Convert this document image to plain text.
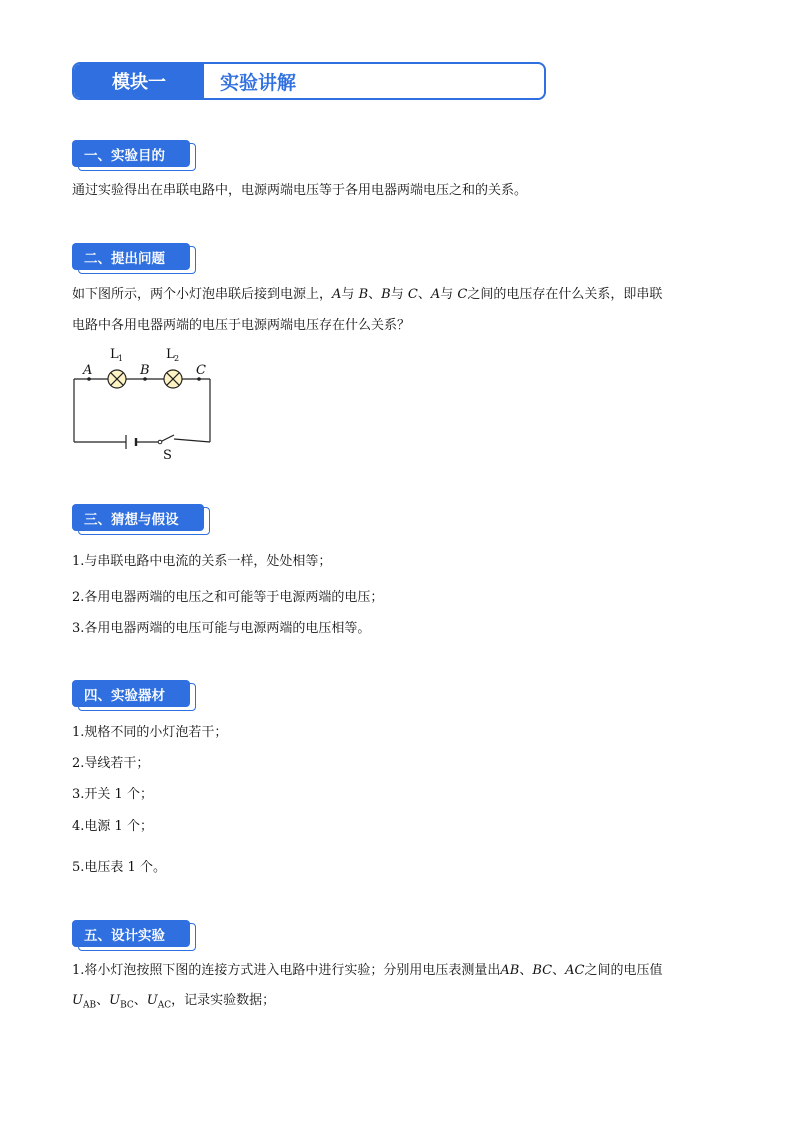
模块一	实验讲解
一、实验目的
通过实验得出在串联电路中，电源两端电压等于各用电器两端电压之和的关系。
二、提出问题
如下图所示，两个小灯泡串联后接到电源上，A与 B、B与 C、A与 C之间的电压存在什么关系，即串联
电路中各用电器两端的电压于电源两端电压存在什么关系？
A	B	C
L 1	L 2
S
三、猜想与假设
1.与串联电路中电流的关系一样，处处相等；
2.各用电器两端的电压之和可能等于电源两端的电压；
3.各用电器两端的电压可能与电源两端的电压相等。
四、实验器材
1.规格不同的小灯泡若干；
2.导线若干；
3.开关 1 个；
4.电源 1 个；
5.电压表 1 个。
五、设计实验
1.将小灯泡按照下图的连接方式进入电路中进行实验；分别用电压表测量出AB、BC、AC之间的电压值
$U_{AB}$、$U_{BC}$、$U_{AC}$，记录实验数据；
